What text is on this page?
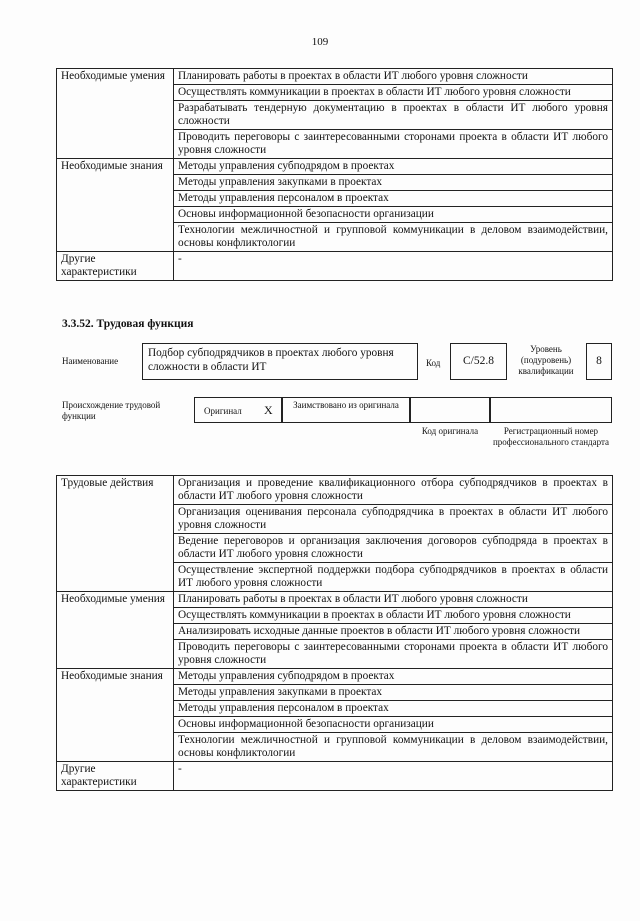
109
Необходимые умения	Планировать работы в проектах в области ИТ любого уровня сложности
	Осуществлять коммуникации в проектах в области ИТ любого уровня сложности
	Разрабатывать тендерную документацию в проектах в области ИТ любого уровня сложности
	Проводить переговоры с заинтересованными сторонами проекта в области ИТ любого уровня сложности
Необходимые знания	Методы управления субподрядом в проектах
	Методы управления закупками в проектах
	Методы управления персоналом в проектах
	Основы информационной безопасности организации
	Технологии межличностной и групповой коммуникации в деловом взаимодействии, основы конфликтологии
Другие характеристики	-
3.3.52. Трудовая функция
Наименование
Подбор субподрядчиков в проектах любого уровня сложности в области ИТ	Код	C/52.8
Уровень (подуровень) квалификации
8
Происхождение трудовой функции	Оригинал X	Заимствовано из оригинала
Код оригинала	Регистрационный номер профессионального стандарта
Трудовые действия	Организация и проведение квалификационного отбора субподрядчиков в проектах в области ИТ любого уровня сложности
	Организация оценивания персонала субподрядчика в проектах в области ИТ любого уровня сложности
	Ведение переговоров и организация заключения договоров субподряда в проектах в области ИТ любого уровня сложности
	Осуществление экспертной поддержки подбора субподрядчиков в проектах в области ИТ любого уровня сложности
Необходимые умения	Планировать работы в проектах в области ИТ любого уровня сложности
	Осуществлять коммуникации в проектах в области ИТ любого уровня сложности
	Анализировать исходные данные проектов в области ИТ любого уровня сложности
	Проводить переговоры с заинтересованными сторонами проекта в области ИТ любого уровня сложности
Необходимые знания	Методы управления субподрядом в проектах
	Методы управления закупками в проектах
	Методы управления персоналом в проектах
	Основы информационной безопасности организации
	Технологии межличностной и групповой коммуникации в деловом взаимодействии, основы конфликтологии
Другие характеристики	-
